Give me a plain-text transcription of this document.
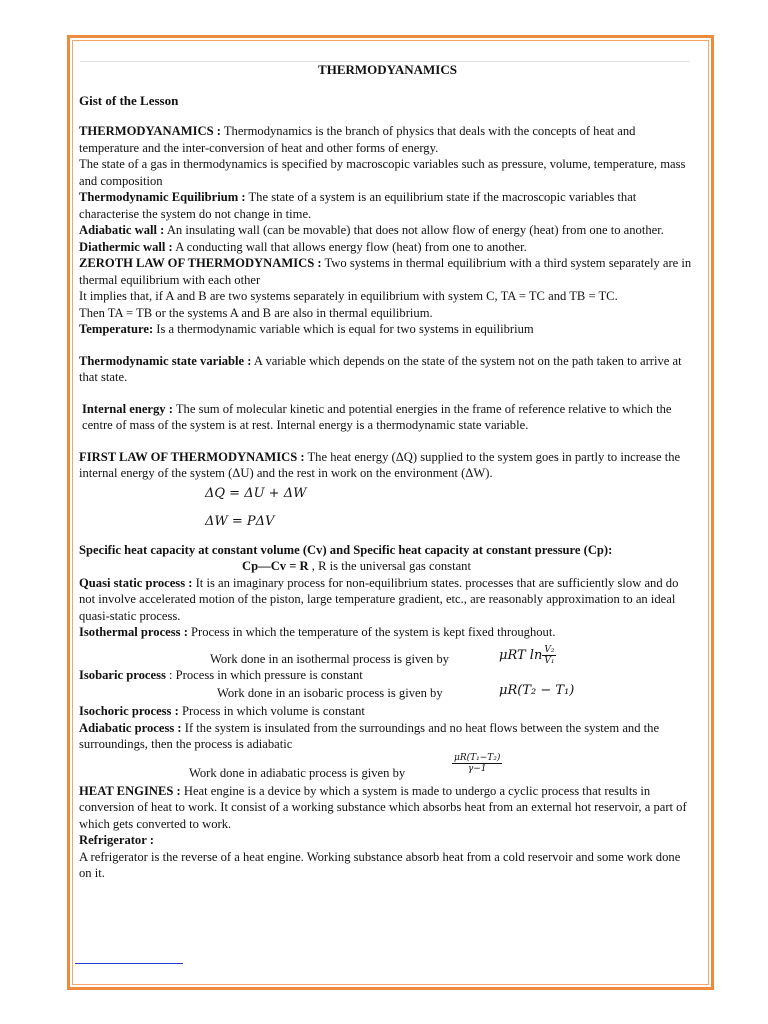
THERMODYANAMICS
Gist of the Lesson

THERMODYANAMICS : Thermodynamics is the branch of physics that deals with the concepts of heat and temperature and the inter-conversion of heat and other forms of energy.

The state of a gas in thermodynamics is specified by macroscopic variables such as pressure, volume, temperature, mass and composition

Thermodynamic Equilibrium : The state of a system is an equilibrium state if the macroscopic variables that characterise the system do not change in time.

Adiabatic wall : An insulating wall (can be movable) that does not allow flow of energy (heat) from one to another.

Diathermic wall : A conducting wall that allows energy flow (heat) from one to another.

ZEROTH LAW OF THERMODYNAMICS : Two systems in thermal equilibrium with a third system separately are in thermal equilibrium with each other

It implies that, if A and B are two systems separately in equilibrium with system C, TA = TC and TB = TC.

Then TA = TB or the systems A and B are also in thermal equilibrium.

Temperature: Is a thermodynamic variable which is equal for two systems in equilibrium

Thermodynamic state variable : A variable which depends on the state of the system not on the path taken to arrive at that state.

Internal energy : The sum of molecular kinetic and potential energies in the frame of reference relative to which the centre of mass of the system is at rest. Internal energy is a thermodynamic state variable.

FIRST LAW OF THERMODYNAMICS : The heat energy (ΔQ) supplied to the system goes in partly to increase the internal energy of the system (ΔU) and the rest in work on the environment (ΔW).

ΔQ = ΔU + ΔW
ΔW = PΔV

Specific heat capacity at constant volume (Cv) and Specific heat capacity at constant pressure (Cp):

Cp—Cv = R , R is the universal gas constant

Quasi static process : It is an imaginary process for non-equilibrium states. processes that are sufficiently slow and do not involve accelerated motion of the piston, large temperature gradient, etc., are reasonably approximation to an ideal quasi-static process.

Isothermal process : Process in which the temperature of the system is kept fixed throughout.

Work done in an isothermal process is given by	μRT $\ln \frac{\text{V₂}}{\text{V₁}}$

Isobaric process : Process in which pressure is constant

Work done in an isobaric process is given by	μR(T₂ − T₁)

Isochoric process : Process in which volume is constant

Adiabatic process : If the system is insulated from the surroundings and no heat flows between the system and the surroundings, then the process is adiabatic

Work done in adiabatic process is given by	$\frac{\text{μR(T₁−T₂)}}{\gamma-1}$

HEAT ENGINES : Heat engine is a device by which a system is made to undergo a cyclic process that results in conversion of heat to work. It consist of a working substance which absorbs heat from an external hot reservoir, a part of which gets converted to work.

Refrigerator :

A refrigerator is the reverse of a heat engine. Working substance absorb heat from a cold reservoir and some work done on it.
